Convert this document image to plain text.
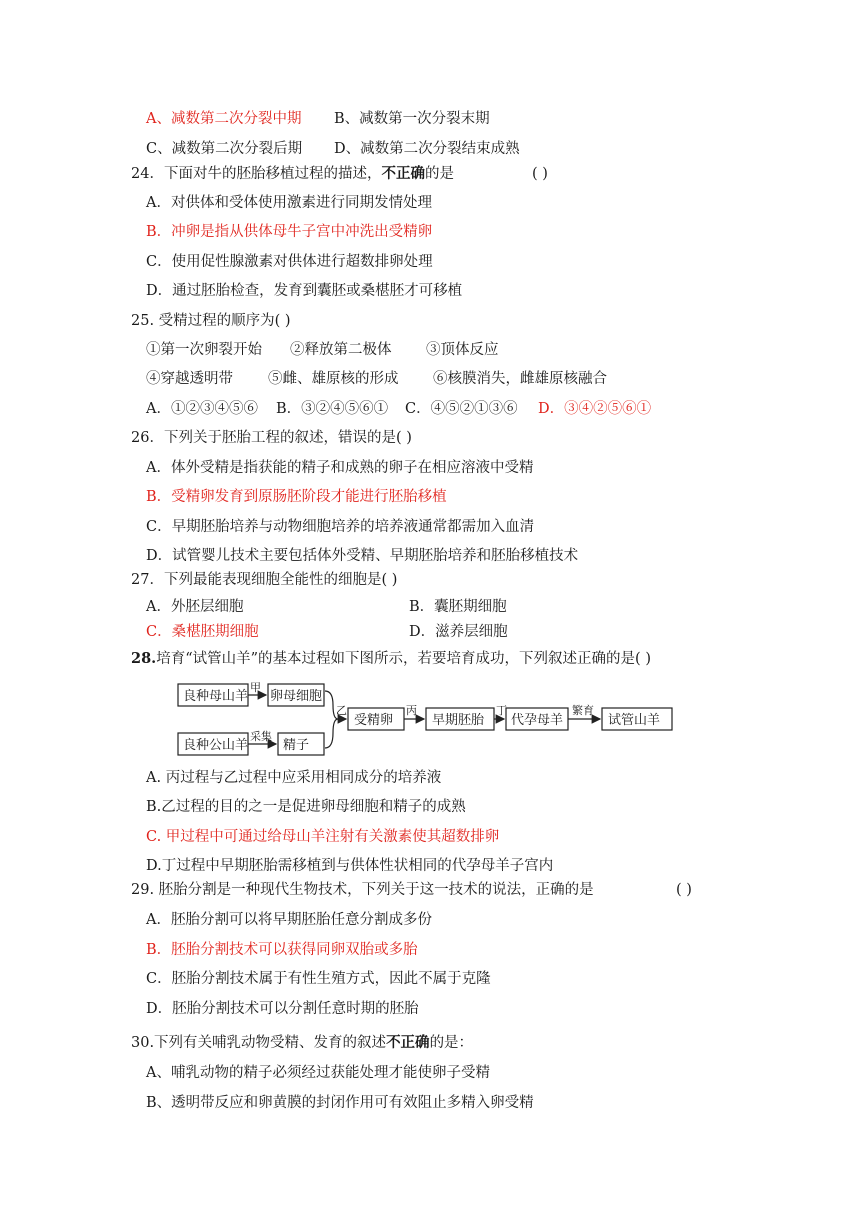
A、减数第二次分裂中期 B、减数第一次分裂末期
C、减数第二次分裂后期 D、减数第二次分裂结束成熟
24．下面对牛的胚胎移植过程的描述，不正确的是	( )
A．对供体和受体使用激素进行同期发情处理
B．冲卵是指从供体母牛子宫中冲洗出受精卵
C．使用促性腺激素对供体进行超数排卵处理
D．通过胚胎检查，发育到囊胚或桑椹胚才可移植
25. 受精过程的顺序为( )
①第一次卵裂开始 ②释放第二极体 ③顶体反应
④穿越透明带 ⑤雌、雄原核的形成 ⑥核膜消失，雌雄原核融合
A．①②③④⑤⑥ B．③②④⑤⑥① C．④⑤②①③⑥ D．③④②⑤⑥①
26．下列关于胚胎工程的叙述，错误的是( )
A．体外受精是指获能的精子和成熟的卵子在相应溶液中受精
B．受精卵发育到原肠胚阶段才能进行胚胎移植
C．早期胚胎培养与动物细胞培养的培养液通常都需加入血清
D．试管婴儿技术主要包括体外受精、早期胚胎培养和胚胎移植技术
27．下列最能表现细胞全能性的细胞是( )
A．外胚层细胞	B．囊胚期细胞
C．桑椹胚期细胞	D．滋养层细胞
28.培育“试管山羊”的基本过程如下图所示，若要培育成功，下列叙述正确的是( )
良种母山羊 卵母细胞
良种公山羊	精子
受精卵	早期胚胎 代孕母羊	试管山羊
甲
采集
乙	丙	丁	繁育
A. 丙过程与乙过程中应采用相同成分的培养液
B.乙过程的目的之一是促进卵母细胞和精子的成熟
C. 甲过程中可通过给母山羊注射有关激素使其超数排卵
D.丁过程中早期胚胎需移植到与供体性状相同的代孕母羊子宫内
29. 胚胎分割是一种现代生物技术，下列关于这一技术的说法，正确的是	( )
A．胚胎分割可以将早期胚胎任意分割成多份
B．胚胎分割技术可以获得同卵双胎或多胎
C．胚胎分割技术属于有性生殖方式，因此不属于克隆
D．胚胎分割技术可以分割任意时期的胚胎
30.下列有关哺乳动物受精、发育的叙述不正确的是：
A、哺乳动物的精子必须经过获能处理才能使卵子受精
B、透明带反应和卵黄膜的封闭作用可有效阻止多精入卵受精
